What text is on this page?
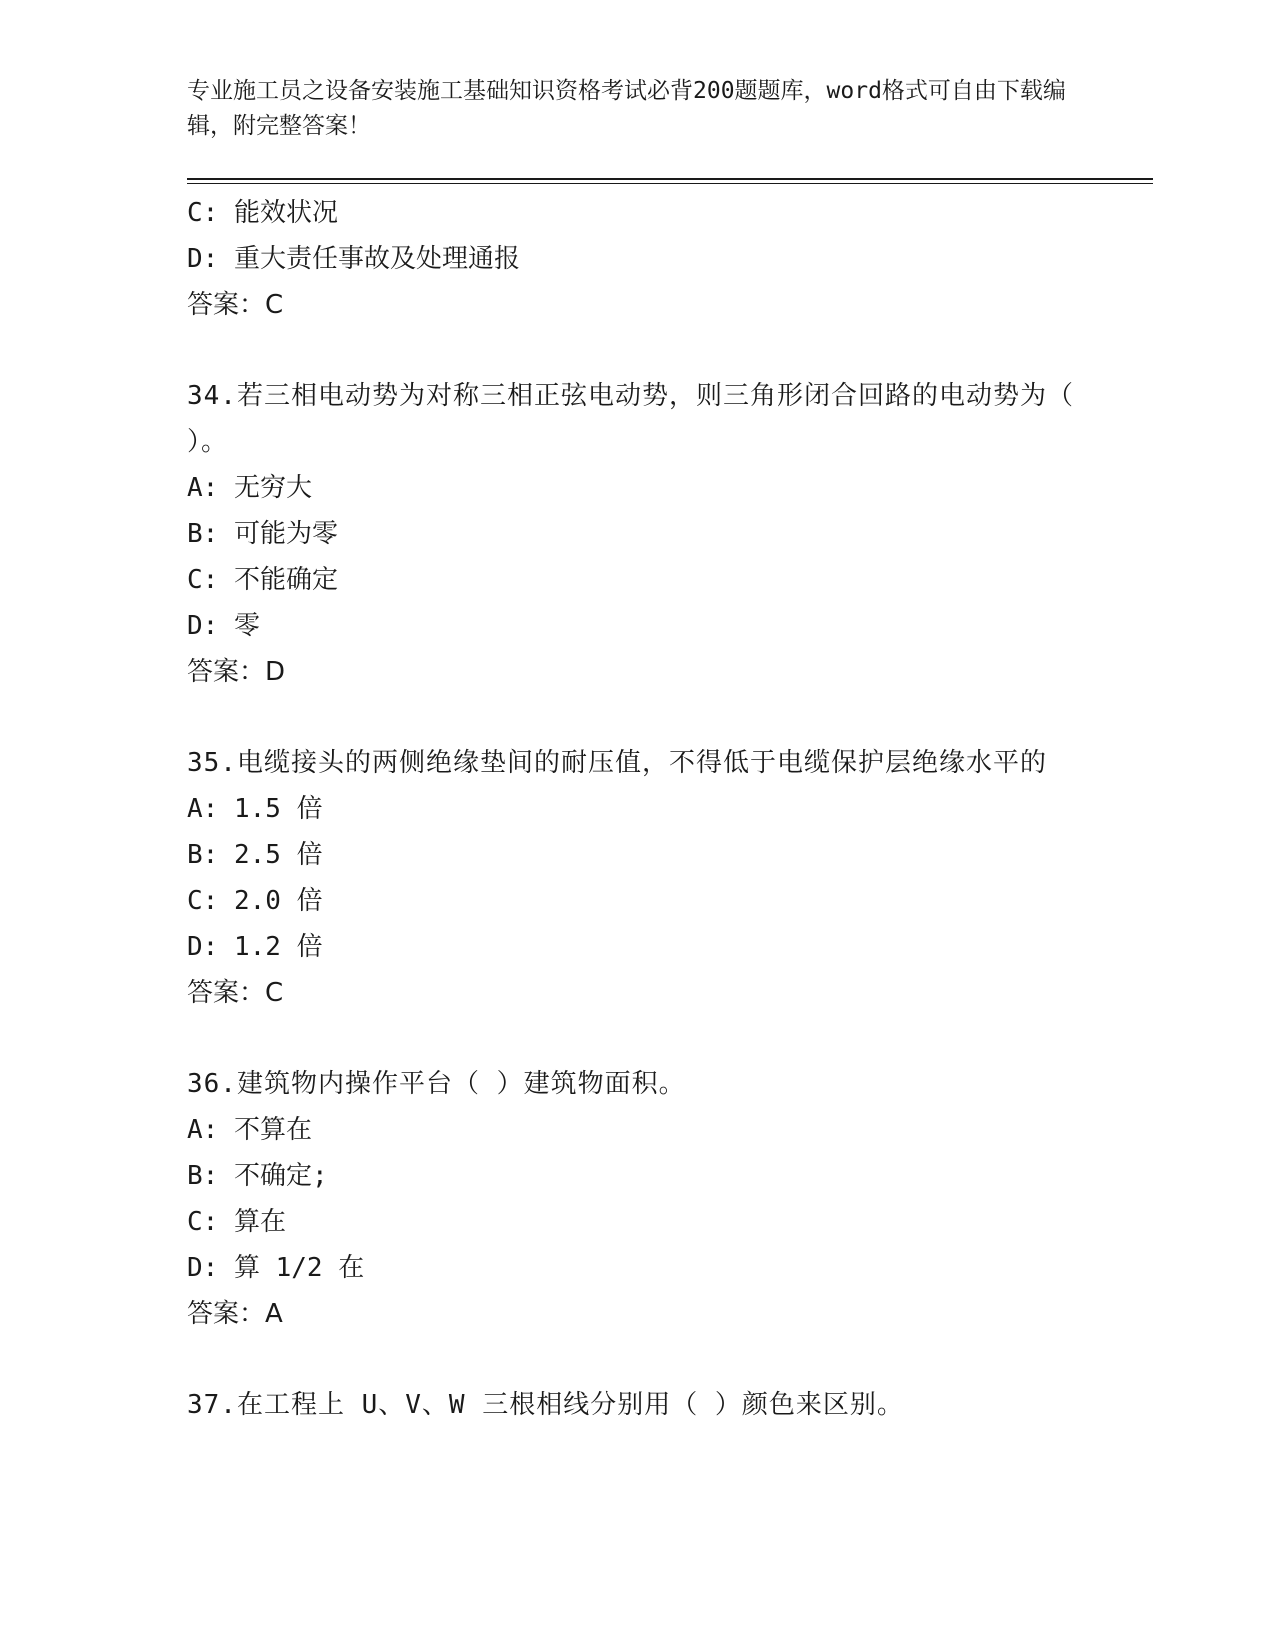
专业施工员之设备安装施工基础知识资格考试必背200题题库，word格式可自由下载编辑，附完整答案！
C: 能效状况
D: 重大责任事故及处理通报
答案：C
34.若三相电动势为对称三相正弦电动势，则三角形闭合回路的电动势为（ ）。
A: 无穷大
B: 可能为零
C: 不能确定
D: 零
答案：D
35.电缆接头的两侧绝缘垫间的耐压值，不得低于电缆保护层绝缘水平的
A: 1.5 倍
B: 2.5 倍
C: 2.0 倍
D: 1.2 倍
答案：C
36.建筑物内操作平台（ ）建筑物面积。
A: 不算在
B: 不确定;
C: 算在
D: 算 1/2 在
答案：A
37.在工程上 U、V、W 三根相线分别用（ ）颜色来区别。
